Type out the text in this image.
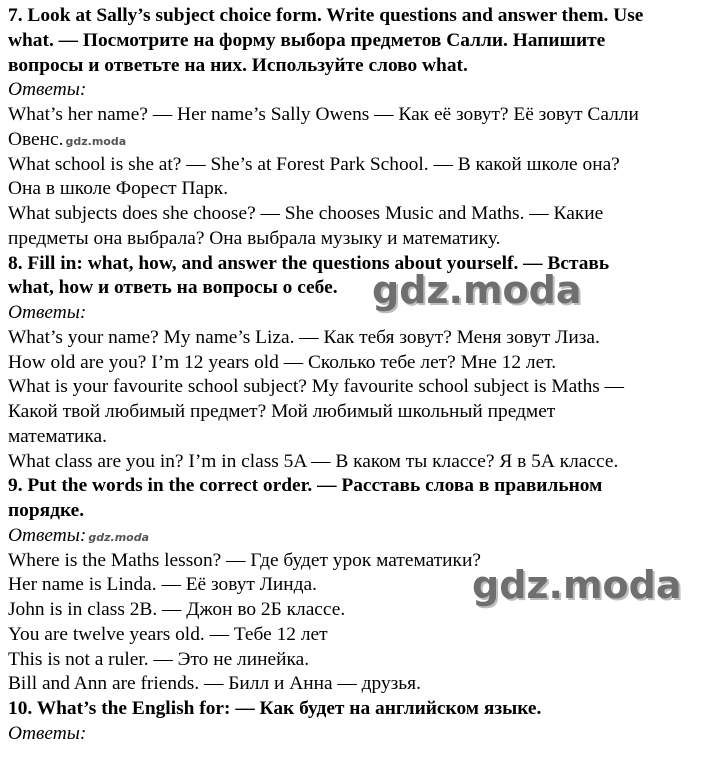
7. Look at Sally’s subject choice form. Write questions and answer them. Use
what. — Посмотрите на форму выбора предметов Салли. Напишите
вопросы и ответьте на них. Используйте слово what.
Ответы:
What’s her name? — Her name’s Sally Owens — Как её зовут? Её зовут Салли
Овенс. gdz.moda
What school is she at? — She’s at Forest Park School. — В какой школе она?
Она в школе Форест Парк.
What subjects does she choose? — She chooses Music and Maths. — Какие
предметы она выбрала? Она выбрала музыку и математику.
8. Fill in: what, how, and answer the questions about yourself. — Вставь
what, how и ответь на вопросы о себе.
Ответы:
What’s your name? My name’s Liza. — Как тебя зовут? Меня зовут Лиза.
How old are you? I’m 12 years old — Сколько тебе лет? Мне 12 лет.
What is your favourite school subject? My favourite school subject is Maths —
Какой твой любимый предмет? Мой любимый школьный предмет
математика.
What class are you in? I’m in class 5A — В каком ты классе? Я в 5А классе.
9. Put the words in the correct order. — Расставь слова в правильном
порядке.
Ответы: gdz.moda
Where is the Maths lesson? — Где будет урок математики?
Her name is Linda. — Её зовут Линда.
John is in class 2B. — Джон во 2Б классе.
You are twelve years old. — Тебе 12 лет
This is not a ruler. — Это не линейка.
Bill and Ann are friends. — Билл и Анна — друзья.
10. What’s the English for: — Как будет на английском языке.
Ответы:
gdz.moda
gdz.moda
